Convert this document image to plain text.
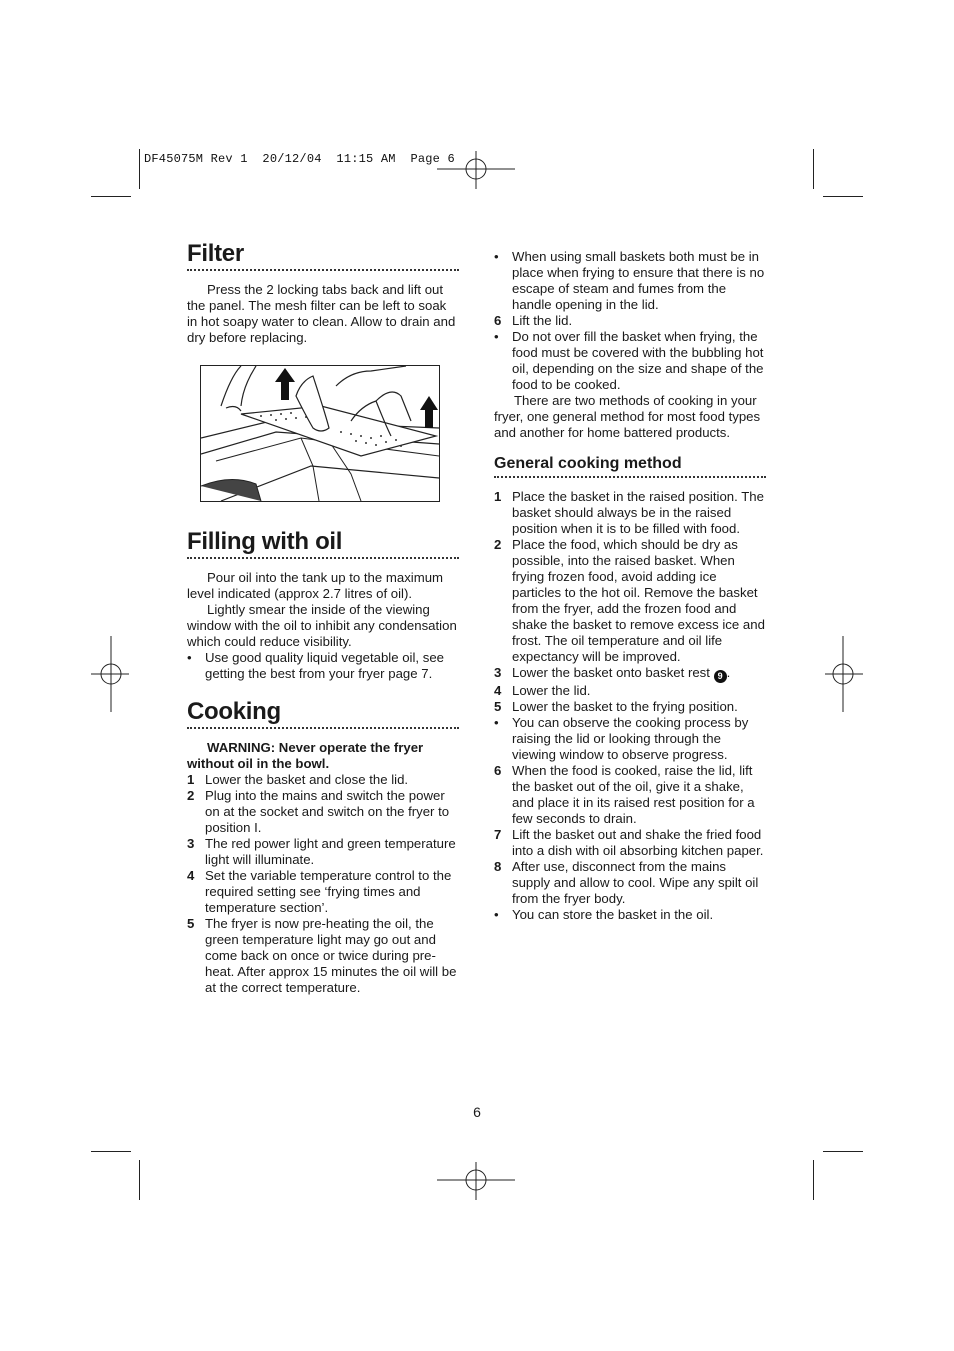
DF45075M Rev 1  20/12/04  11:15 AM  Page 6
Filter

Press the 2 locking tabs back and lift out the panel. The mesh filter can be left to soak in hot soapy water to clean. Allow to drain and dry before replacing.

Filling with oil

Pour oil into the tank up to the maximum level indicated (approx 2.7 litres of oil).

Lightly smear the inside of the viewing window with the oil to inhibit any condensation which could reduce visibility.

• Use good quality liquid vegetable oil, see getting the best from your fryer page 7.
Cooking

WARNING: Never operate the fryer without oil in the bowl.

1 Lower the basket and close the lid.
2 Plug into the mains and switch the power on at the socket and switch on the fryer to position I.
3 The red power light and green temperature light will illuminate.
4 Set the variable temperature control to the required setting see ‘frying times and temperature section’.
5 The fryer is now pre-heating the oil, the green temperature light may go out and come back on once or twice during pre-heat. After approx 15 minutes the oil will be at the correct temperature.
• When using small baskets both must be in place when frying to ensure that there is no escape of steam and fumes from the handle opening in the lid.
6 Lift the lid.
• Do not over fill the basket when frying, the food must be covered with the bubbling hot oil, depending on the size and shape of the food to be cooked.

There are two methods of cooking in your fryer, one general method for most food types and another for home battered products.

General cooking method
1 Place the basket in the raised position. The basket should always be in the raised position when it is to be filled with food.
2 Place the food, which should be dry as possible, into the raised basket. When frying frozen food, avoid adding ice particles to the hot oil. Remove the basket from the fryer, add the frozen food and shake the basket to remove excess ice and frost. The oil temperature and oil life expectancy will be improved.
3 Lower the basket onto basket rest 9 .
4 Lower the lid.
5 Lower the basket to the frying position.
• You can observe the cooking process by raising the lid or looking through the viewing window to observe progress.
6 When the food is cooked, raise the lid, lift the basket out of the oil, give it a shake, and place it in its raised rest position for a few seconds to drain.
7 Lift the basket out and shake the fried food into a dish with oil absorbing kitchen paper.
8 After use, disconnect from the mains supply and allow to cool. Wipe any spilt oil from the fryer body.
• You can store the basket in the oil.
6
